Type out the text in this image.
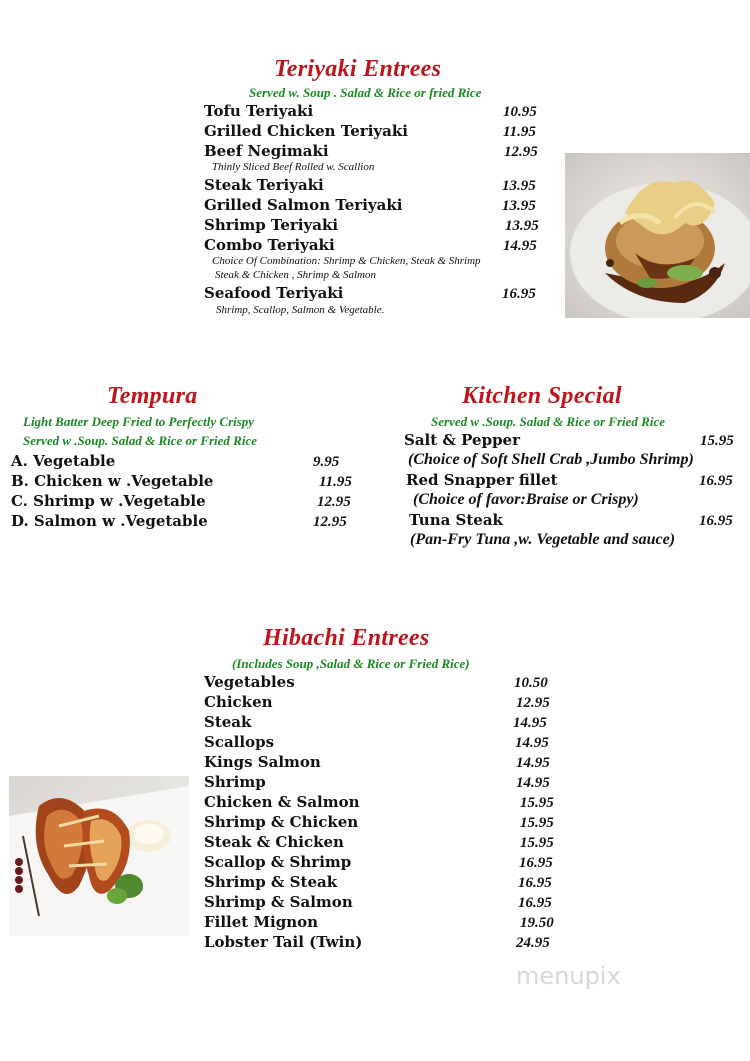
Teriyaki Entrees
Served w. Soup . Salad & Rice or fried Rice
Tofu Teriyaki	10.95
Grilled Chicken Teriyaki	11.95
Beef Negimaki	12.95
Thinly Sliced Beef Rolled w. Scallion
Steak Teriyaki	13.95
Grilled Salmon Teriyaki	13.95
Shrimp Teriyaki	13.95
Combo Teriyaki	14.95
Choice Of Combination: Shrimp & Chicken, Steak & Shrimp
Steak & Chicken , Shrimp & Salmon
Seafood Teriyaki	16.95
Shrimp, Scallop, Salmon & Vegetable.
Tempura
Light Batter Deep Fried to Perfectly Crispy
Served w .Soup. Salad & Rice or Fried Rice
A. Vegetable	9.95
B. Chicken w .Vegetable	11.95
C. Shrimp w .Vegetable	12.95
D. Salmon w .Vegetable	12.95
Kitchen Special
Served w .Soup. Salad & Rice or Fried Rice
Salt & Pepper	15.95
(Choice of Soft Shell Crab ,Jumbo Shrimp)
Red Snapper fillet	16.95
(Choice of favor:Braise or Crispy)
Tuna Steak	16.95
(Pan-Fry Tuna ,w. Vegetable and sauce)
Hibachi Entrees
(Includes Soup ,Salad & Rice or Fried Rice)
Vegetables	10.50
Chicken	12.95
Steak	14.95
Scallops	14.95
Kings Salmon	14.95
Shrimp	14.95
Chicken & Salmon	15.95
Shrimp & Chicken	15.95
Steak & Chicken	15.95
Scallop & Shrimp	16.95
Shrimp & Steak	16.95
Shrimp & Salmon	16.95
Fillet Mignon	19.50
Lobster Tail (Twin)	24.95
menupix
